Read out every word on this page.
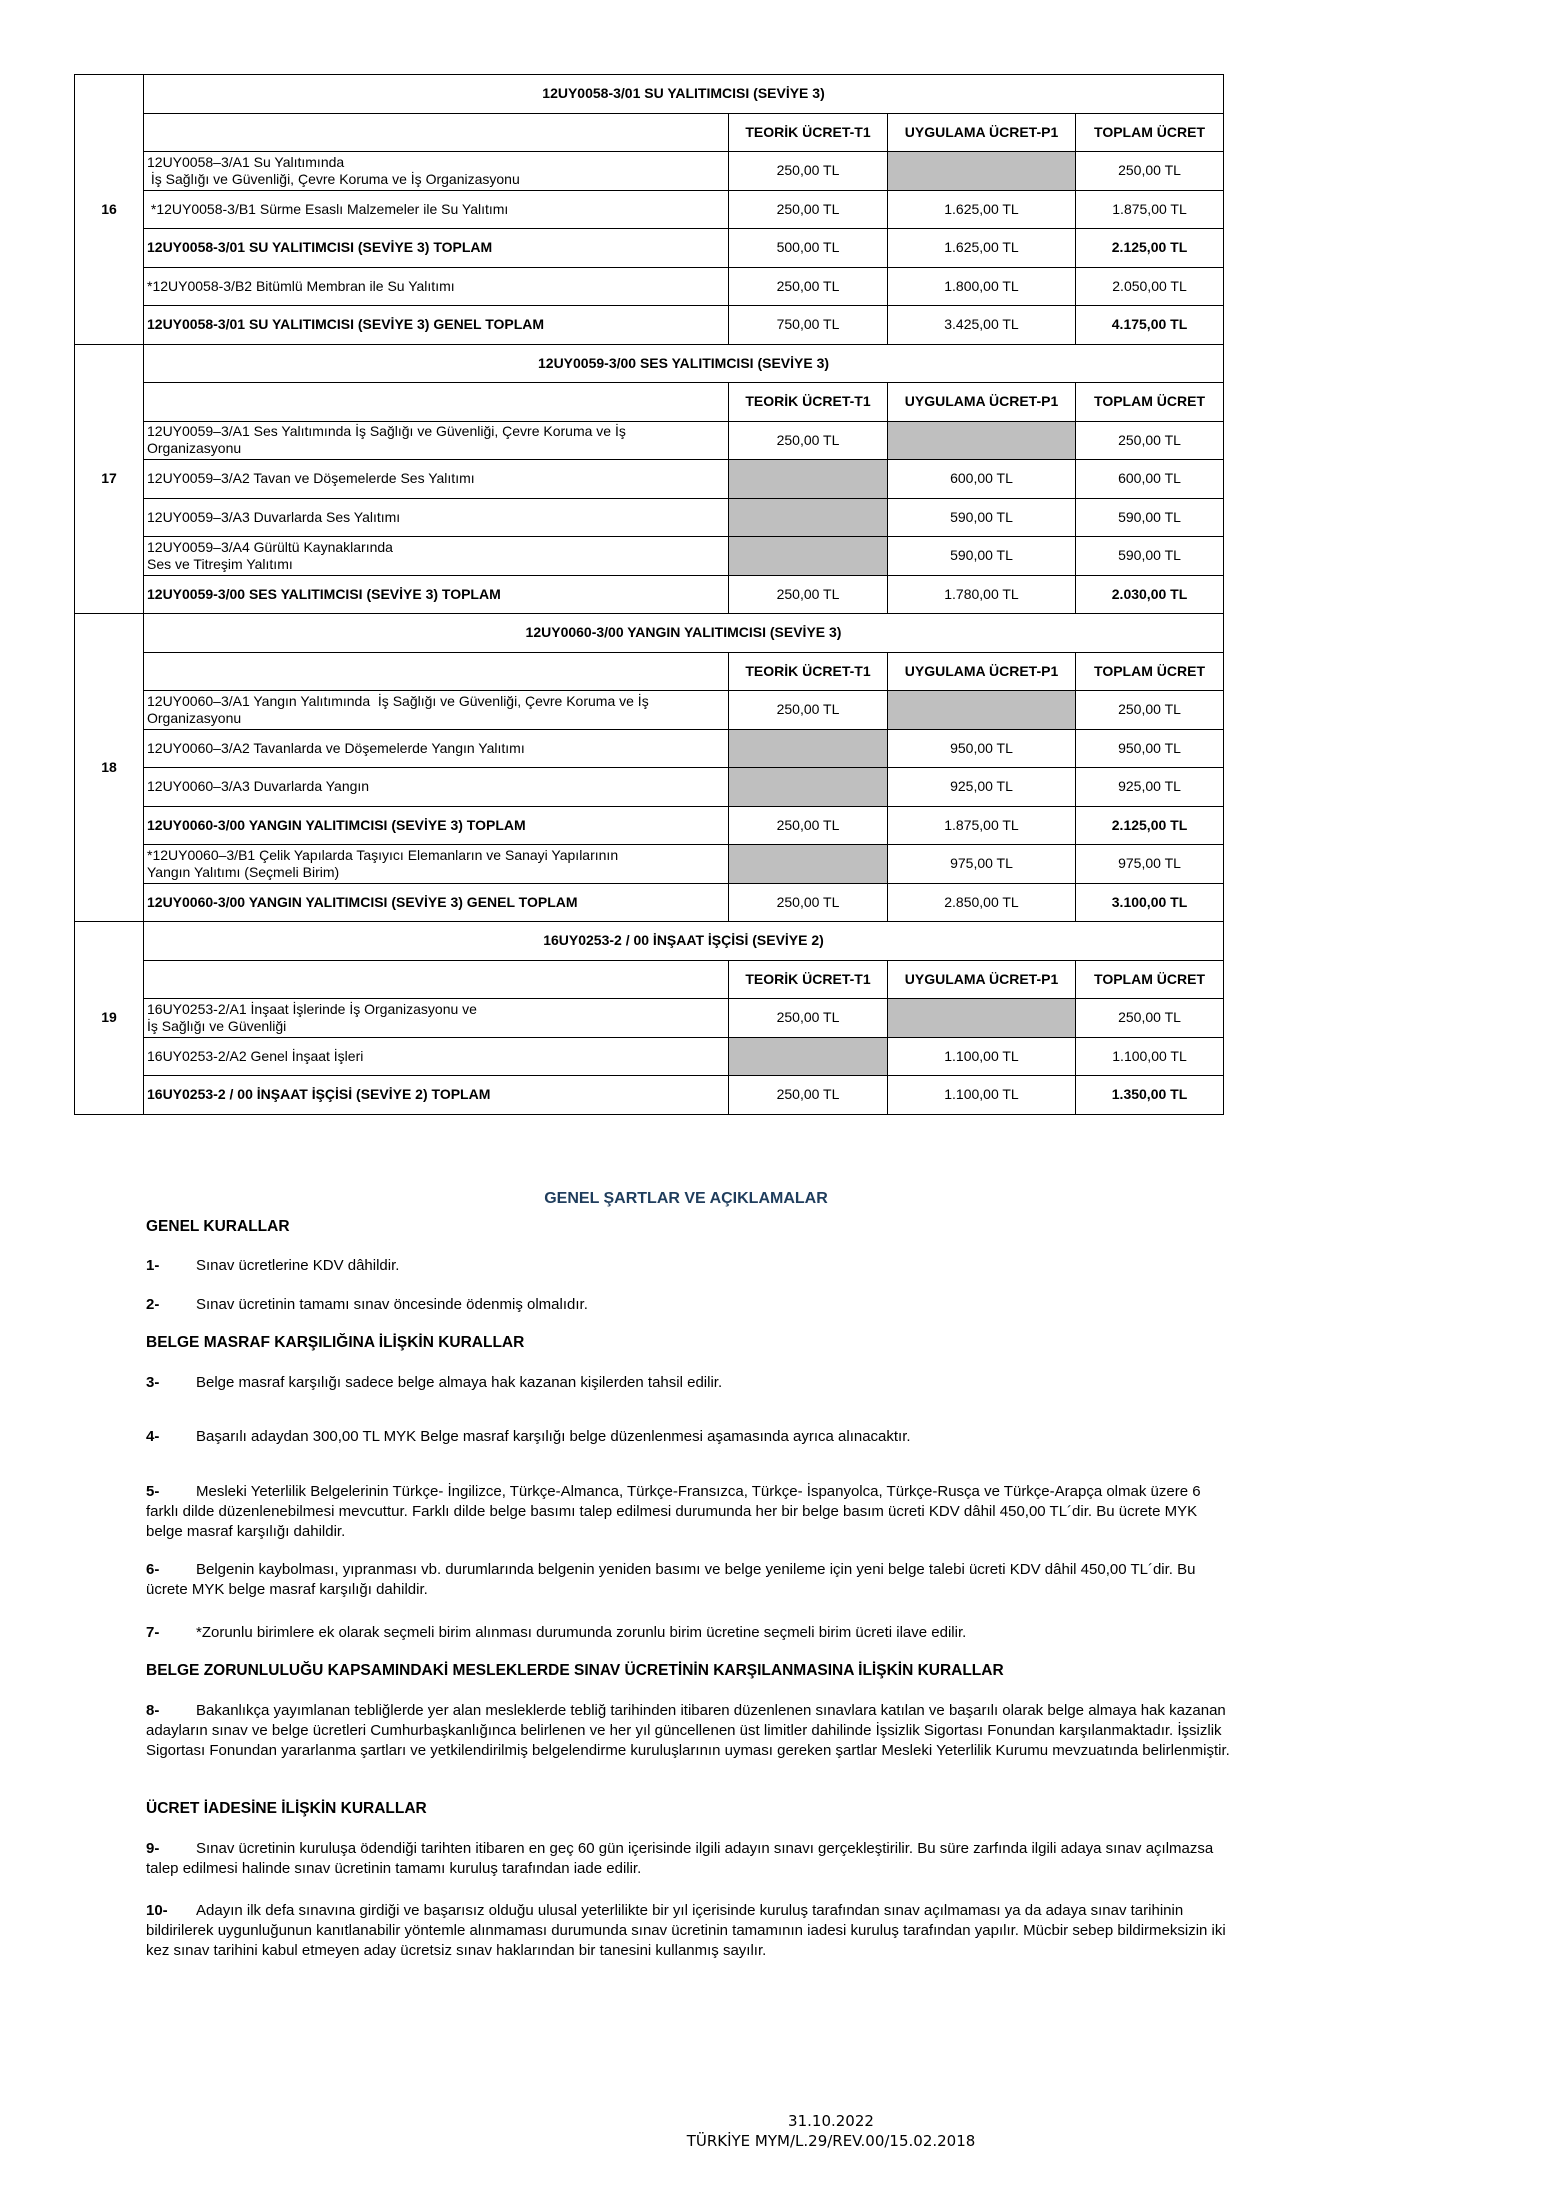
16	12UY0058-3/01 SU YALITIMCISI (SEVİYE 3)			
		TEORİK ÜCRET-T1	UYGULAMA ÜCRET-P1	TOPLAM ÜCRET
	12UY0058–3/A1 Su Yalıtımında
İş Sağlığı ve Güvenliği, Çevre Koruma ve İş Organizasyonu	250,00 TL		250,00 TL
	*12UY0058-3/B1 Sürme Esaslı Malzemeler ile Su Yalıtımı	250,00 TL	1.625,00 TL	1.875,00 TL
	12UY0058-3/01 SU YALITIMCISI (SEVİYE 3) TOPLAM	500,00 TL	1.625,00 TL	2.125,00 TL
	*12UY0058-3/B2 Bitümlü Membran ile Su Yalıtımı	250,00 TL	1.800,00 TL	2.050,00 TL
	12UY0058-3/01 SU YALITIMCISI (SEVİYE 3) GENEL TOPLAM	750,00 TL	3.425,00 TL	4.175,00 TL
17	12UY0059-3/00 SES YALITIMCISI (SEVİYE 3)			
		TEORİK ÜCRET-T1	UYGULAMA ÜCRET-P1	TOPLAM ÜCRET
	12UY0059–3/A1 Ses Yalıtımında İş Sağlığı ve Güvenliği, Çevre Koruma ve İş
Organizasyonu	250,00 TL		250,00 TL
	12UY0059–3/A2 Tavan ve Döşemelerde Ses Yalıtımı		600,00 TL	600,00 TL
	12UY0059–3/A3 Duvarlarda Ses Yalıtımı		590,00 TL	590,00 TL
	12UY0059–3/A4 Gürültü Kaynaklarında
Ses ve Titreşim Yalıtımı		590,00 TL	590,00 TL
	12UY0059-3/00 SES YALITIMCISI (SEVİYE 3) TOPLAM	250,00 TL	1.780,00 TL	2.030,00 TL
18	12UY0060-3/00 YANGIN YALITIMCISI (SEVİYE 3)			
		TEORİK ÜCRET-T1	UYGULAMA ÜCRET-P1	TOPLAM ÜCRET
	12UY0060–3/A1 Yangın Yalıtımında  İş Sağlığı ve Güvenliği, Çevre Koruma ve İş
Organizasyonu	250,00 TL		250,00 TL
	12UY0060–3/A2 Tavanlarda ve Döşemelerde Yangın Yalıtımı		950,00 TL	950,00 TL
	12UY0060–3/A3 Duvarlarda Yangın		925,00 TL	925,00 TL
	12UY0060-3/00 YANGIN YALITIMCISI (SEVİYE 3) TOPLAM	250,00 TL	1.875,00 TL	2.125,00 TL
	*12UY0060–3/B1 Çelik Yapılarda Taşıyıcı Elemanların ve Sanayi Yapılarının
Yangın Yalıtımı (Seçmeli Birim)		975,00 TL	975,00 TL
	12UY0060-3/00 YANGIN YALITIMCISI (SEVİYE 3) GENEL TOPLAM	250,00 TL	2.850,00 TL	3.100,00 TL
19	16UY0253-2 / 00 İNŞAAT İŞÇİSİ (SEVİYE 2)			
		TEORİK ÜCRET-T1	UYGULAMA ÜCRET-P1	TOPLAM ÜCRET
	16UY0253-2/A1 İnşaat İşlerinde İş Organizasyonu ve
İş Sağlığı ve Güvenliği	250,00 TL		250,00 TL
	16UY0253-2/A2 Genel İnşaat İşleri		1.100,00 TL	1.100,00 TL
	16UY0253-2 / 00 İNŞAAT İŞÇİSİ (SEVİYE 2) TOPLAM	250,00 TL	1.100,00 TL	1.350,00 TL
GENEL ŞARTLAR VE AÇIKLAMALAR
GENEL KURALLAR
1- Sınav ücretlerine KDV dâhildir.
2- Sınav ücretinin tamamı sınav öncesinde ödenmiş olmalıdır.
BELGE MASRAF KARŞILIĞINA İLİŞKİN KURALLAR
3- Belge masraf karşılığı sadece belge almaya hak kazanan kişilerden tahsil edilir.
4- Başarılı adaydan 300,00 TL MYK Belge masraf karşılığı belge düzenlenmesi aşamasında ayrıca alınacaktır.
5- Mesleki Yeterlilik Belgelerinin Türkçe- İngilizce, Türkçe-Almanca, Türkçe-Fransızca, Türkçe- İspanyolca, Türkçe-Rusça ve Türkçe-Arapça olmak üzere 6 farklı dilde düzenlenebilmesi mevcuttur. Farklı dilde belge basımı talep edilmesi durumunda her bir belge basım ücreti KDV dâhil 450,00 TL´dir. Bu ücrete MYK belge masraf karşılığı dahildir.
6- Belgenin kaybolması, yıpranması vb. durumlarında belgenin yeniden basımı ve belge yenileme için yeni belge talebi ücreti KDV dâhil 450,00 TL´dir. Bu ücrete MYK belge masraf karşılığı dahildir.
7- *Zorunlu birimlere ek olarak seçmeli birim alınması durumunda zorunlu birim ücretine seçmeli birim ücreti ilave edilir.
BELGE ZORUNLULUĞU KAPSAMINDAKİ MESLEKLERDE SINAV ÜCRETİNİN KARŞILANMASINA İLİŞKİN KURALLAR
8- Bakanlıkça yayımlanan tebliğlerde yer alan mesleklerde tebliğ tarihinden itibaren düzenlenen sınavlara katılan ve başarılı olarak belge almaya hak kazanan adayların sınav ve belge ücretleri Cumhurbaşkanlığınca belirlenen ve her yıl güncellenen üst limitler dahilinde İşsizlik Sigortası Fonundan karşılanmaktadır. İşsizlik Sigortası Fonundan yararlanma şartları ve yetkilendirilmiş belgelendirme kuruluşlarının uyması gereken şartlar Mesleki Yeterlilik Kurumu mevzuatında belirlenmiştir.
ÜCRET İADESİNE İLİŞKİN KURALLAR
9- Sınav ücretinin kuruluşa ödendiği tarihten itibaren en geç 60 gün içerisinde ilgili adayın sınavı gerçekleştirilir. Bu süre zarfında ilgili adaya sınav açılmazsa talep edilmesi halinde sınav ücretinin tamamı kuruluş tarafından iade edilir.
10- Adayın ilk defa sınavına girdiği ve başarısız olduğu ulusal yeterlilikte bir yıl içerisinde kuruluş tarafından sınav açılmaması ya da adaya sınav tarihinin bildirilerek uygunluğunun kanıtlanabilir yöntemle alınmaması durumunda sınav ücretinin tamamının iadesi kuruluş tarafından yapılır. Mücbir sebep bildirmeksizin iki kez sınav tarihini kabul etmeyen aday ücretsiz sınav haklarından bir tanesini kullanmış sayılır.
31.10.2022
TÜRKİYE MYM/L.29/REV.00/15.02.2018
